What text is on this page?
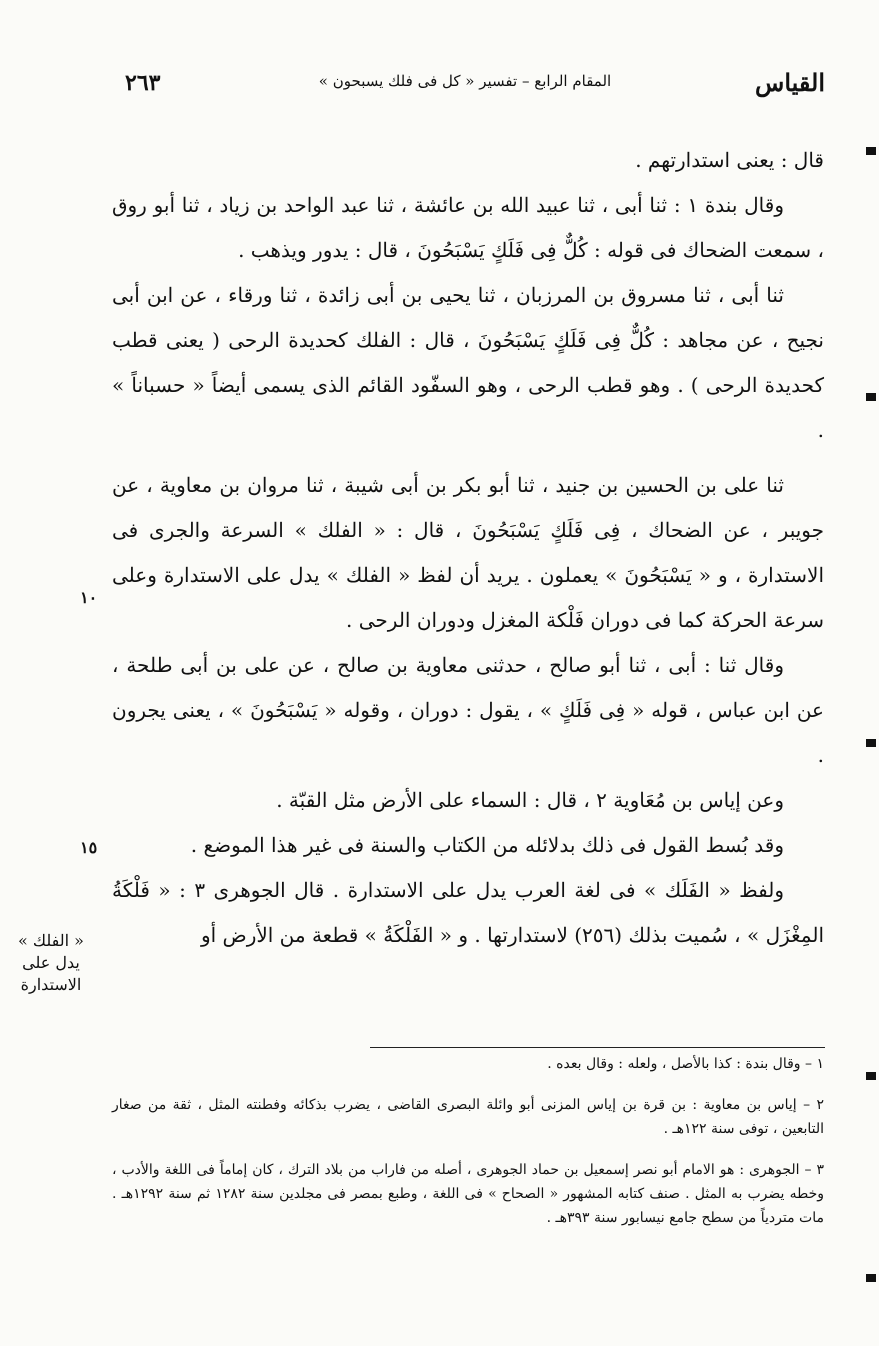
٢٦٣	المقام الرابع – تفسير « كل فى فلك يسبحون »	القياس

قال : يعنى استدارتهم .

وقال بندة ١ : ثنا أبى ، ثنا عبيد الله بن عائشة ، ثنا عبد الواحد بن زياد ، ثنا أبو روق ، سمعت الضحاك فى قوله : كُلٌّ فِى فَلَكٍ يَسْبَحُونَ ، قال : يدور ويذهب .

ثنا أبى ، ثنا مسروق بن المرزبان ، ثنا يحيى بن أبى زائدة ، ثنا ورقاء ، عن ابن أبى نجيح ، عن مجاهد : كُلٌّ فِى فَلَكٍ يَسْبَحُونَ ، قال : الفلك كحديدة الرحى ( يعنى قطب كحديدة الرحى ) . وهو قطب الرحى ، وهو السفّود القائم الذى يسمى أيضاً « حسباناً » .

ثنا على بن الحسين بن جنيد ، ثنا أبو بكر بن أبى شيبة ، ثنا مروان بن معاوية ، عن جويبر ، عن الضحاك ، فِى فَلَكٍ يَسْبَحُونَ ، قال : « الفلك » السرعة والجرى فى الاستدارة ، و « يَسْبَحُونَ » يعملون . يريد أن لفظ « الفلك » يدل على الاستدارة وعلى سرعة الحركة كما فى دوران فَلْكة المغزل ودوران الرحى .

وقال ثنا : أبى ، ثنا أبو صالح ، حدثنى معاوية بن صالح ، عن على بن أبى طلحة ، عن ابن عباس ، قوله « فِى فَلَكٍ » ، يقول : دوران ، وقوله « يَسْبَحُونَ » ، يعنى يجرون .

وعن إياس بن مُعَاوية ٢ ، قال : السماء على الأرض مثل القبّة .

وقد بُسط القول فى ذلك بدلائله من الكتاب والسنة فى غير هذا الموضع .

ولفظ « الفَلَك » فى لغة العرب يدل على الاستدارة . قال الجوهرى ٣ : « فَلْكَةُ المِغْزَل » ، سُميت بذلك (٢٥٦) لاستدارتها . و « الفَلْكَةُ » قطعة من الأرض أو

١٠
١٥
« الفلك »
يدل على
الاستدارة
١ – وقال بندة : كذا بالأصل ، ولعله : وقال بعده .
٢ – إياس بن معاوية : بن قرة بن إياس المزنى أبو وائلة البصرى القاضى ، يضرب بذكائه وفطنته المثل ، ثقة من صغار التابعين ، توفى سنة ١٢٢هـ .
٣ – الجوهرى : هو الامام أبو نصر إسمعيل بن حماد الجوهرى ، أصله من فاراب من بلاد الترك ، كان إماماً فى اللغة والأدب ، وخطه يضرب به المثل . صنف كتابه المشهور « الصحاح » فى اللغة ، وطبع بمصر فى مجلدين سنة ١٢٨٢ ثم سنة ١٢٩٢هـ . مات متردياً من سطح جامع نيسابور سنة ٣٩٣هـ .
